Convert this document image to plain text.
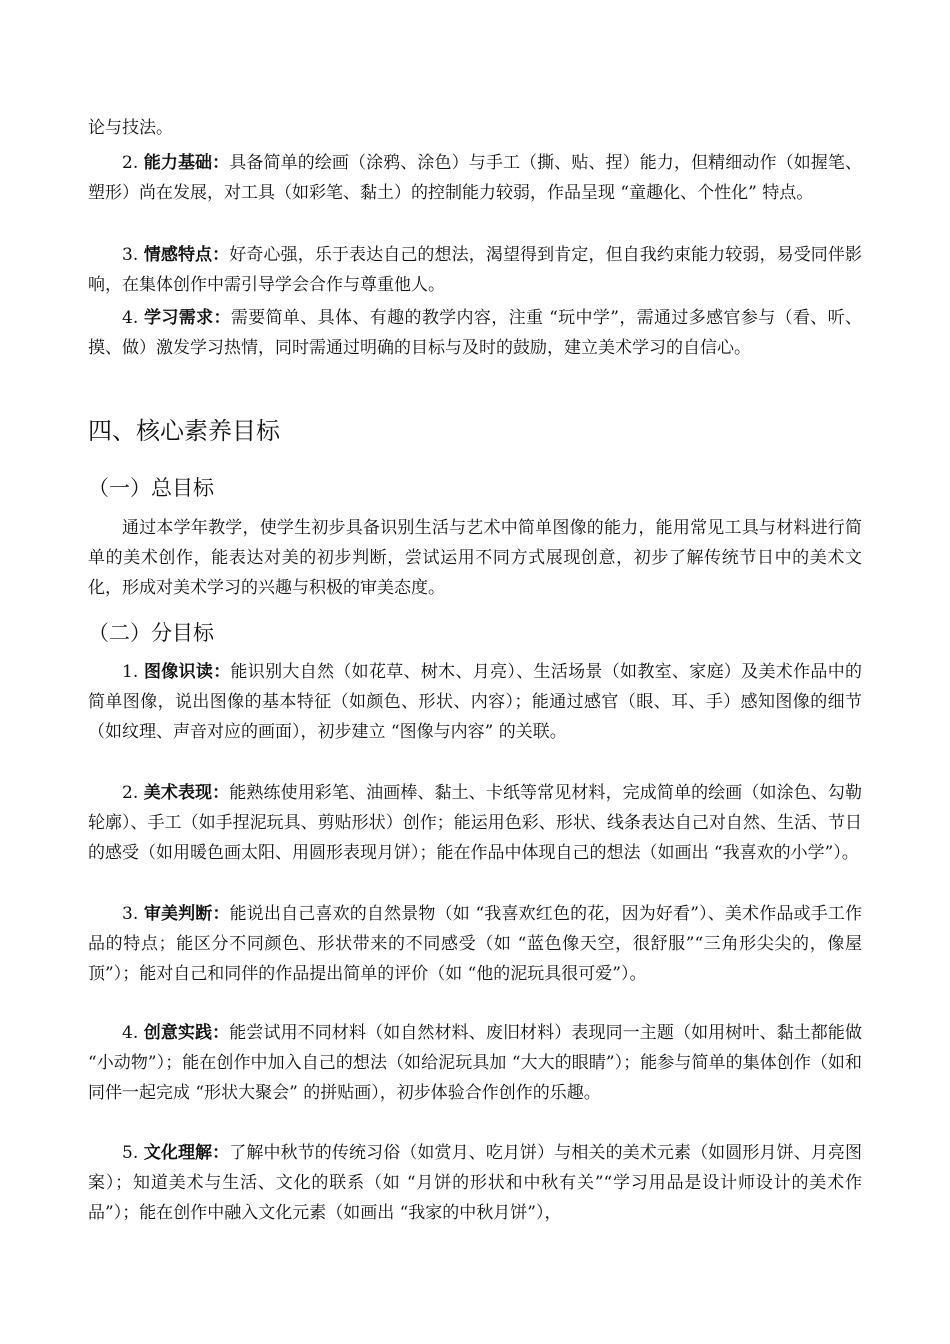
论与技法。

2. 能力基础：具备简单的绘画（涂鸦、涂色）与手工（撕、贴、捏）能力，但精细动作（如握笔、塑形）尚在发展，对工具（如彩笔、黏土）的控制能力较弱，作品呈现 “童趣化、个性化” 特点。

3. 情感特点：好奇心强，乐于表达自己的想法，渴望得到肯定，但自我约束能力较弱，易受同伴影响，在集体创作中需引导学会合作与尊重他人。

4. 学习需求：需要简单、具体、有趣的教学内容，注重 “玩中学”，需通过多感官参与（看、听、摸、做）激发学习热情，同时需通过明确的目标与及时的鼓励，建立美术学习的自信心。

四、核心素养目标
（一）总目标

通过本学年教学，使学生初步具备识别生活与艺术中简单图像的能力，能用常见工具与材料进行简单的美术创作，能表达对美的初步判断，尝试运用不同方式展现创意，初步了解传统节日中的美术文化，形成对美术学习的兴趣与积极的审美态度。

（二）分目标

1. 图像识读：能识别大自然（如花草、树木、月亮）、生活场景（如教室、家庭）及美术作品中的简单图像，说出图像的基本特征（如颜色、形状、内容）；能通过感官（眼、耳、手）感知图像的细节（如纹理、声音对应的画面），初步建立 “图像与内容” 的关联。

2. 美术表现：能熟练使用彩笔、油画棒、黏土、卡纸等常见材料，完成简单的绘画（如涂色、勾勒轮廓）、手工（如手捏泥玩具、剪贴形状）创作；能运用色彩、形状、线条表达自己对自然、生活、节日的感受（如用暖色画太阳、用圆形表现月饼）；能在作品中体现自己的想法（如画出 “我喜欢的小学”）。

3. 审美判断：能说出自己喜欢的自然景物（如 “我喜欢红色的花，因为好看”）、美术作品或手工作品的特点；能区分不同颜色、形状带来的不同感受（如 “蓝色像天空，很舒服”“三角形尖尖的，像屋顶”）；能对自己和同伴的作品提出简单的评价（如 “他的泥玩具很可爱”）。

4. 创意实践：能尝试用不同材料（如自然材料、废旧材料）表现同一主题（如用树叶、黏土都能做 “小动物”）；能在创作中加入自己的想法（如给泥玩具加 “大大的眼睛”）；能参与简单的集体创作（如和同伴一起完成 “形状大聚会” 的拼贴画），初步体验合作创作的乐趣。

5. 文化理解：了解中秋节的传统习俗（如赏月、吃月饼）与相关的美术元素（如圆形月饼、月亮图案）；知道美术与生活、文化的联系（如 “月饼的形状和中秋有关”“学习用品是设计师设计的美术作品”）；能在创作中融入文化元素（如画出 “我家的中秋月饼”），
